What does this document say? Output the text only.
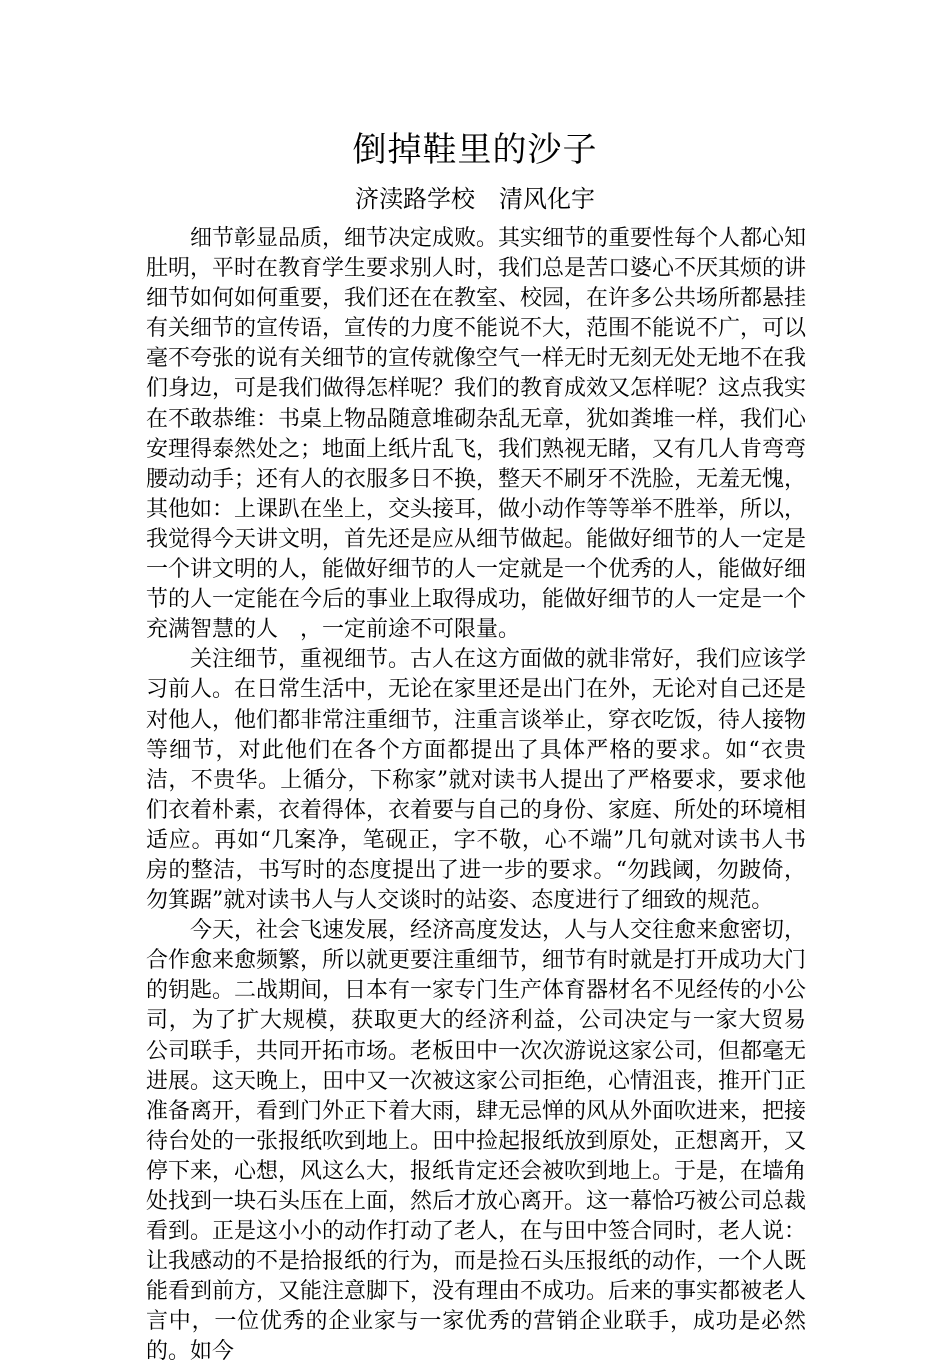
倒掉鞋里的沙子
济渎路学校　清风化宇

细节彰显品质，细节决定成败。其实细节的重要性每个人都心知肚明，平时在教育学生要求别人时，我们总是苦口婆心不厌其烦的讲细节如何如何重要，我们还在在教室、校园，在许多公共场所都悬挂有关细节的宣传语，宣传的力度不能说不大，范围不能说不广，可以毫不夸张的说有关细节的宣传就像空气一样无时无刻无处无地不在我们身边，可是我们做得怎样呢？我们的教育成效又怎样呢？这点我实在不敢恭维：书桌上物品随意堆砌杂乱无章，犹如粪堆一样，我们心安理得泰然处之；地面上纸片乱飞，我们熟视无睹，又有几人肯弯弯腰动动手；还有人的衣服多日不换，整天不刷牙不洗脸，无羞无愧，其他如：上课趴在坐上，交头接耳，做小动作等等举不胜举，所以，我觉得今天讲文明，首先还是应从细节做起。能做好细节的人一定是一个讲文明的人，能做好细节的人一定就是一个优秀的人，能做好细节的人一定能在今后的事业上取得成功，能做好细节的人一定是一个充满智慧的人　，一定前途不可限量。

关注细节，重视细节。古人在这方面做的就非常好，我们应该学习前人。在日常生活中，无论在家里还是出门在外，无论对自己还是对他人，他们都非常注重细节，注重言谈举止，穿衣吃饭，待人接物等细节，对此他们在各个方面都提出了具体严格的要求。如“衣贵洁，不贵华。上循分，下称家”就对读书人提出了严格要求，要求他们衣着朴素，衣着得体，衣着要与自己的身份、家庭、所处的环境相适应。再如“几案净，笔砚正，字不敬，心不端”几句就对读书人书房的整洁，书写时的态度提出了进一步的要求。“勿践阈，勿跛倚，勿箕踞”就对读书人与人交谈时的站姿、态度进行了细致的规范。

今天，社会飞速发展，经济高度发达，人与人交往愈来愈密切，合作愈来愈频繁，所以就更要注重细节，细节有时就是打开成功大门的钥匙。二战期间，日本有一家专门生产体育器材名不见经传的小公司，为了扩大规模，获取更大的经济利益，公司决定与一家大贸易　公司联手，共同开拓市场。老板田中一次次游说这家公司，但都毫无进展。这天晚上，田中又一次被这家公司拒绝，心情沮丧，推开门正准备离开，看到门外正下着大雨，肆无忌惮的风从外面吹进来，把接待台处的一张报纸吹到地上。田中捡起报纸放到原处，正想离开，又停下来，心想，风这么大，报纸肯定还会被吹到地上。于是，在墙角处找到一块石头压在上面，然后才放心离开。这一幕恰巧被公司总裁看到。正是这小小的动作打动了老人，在与田中签合同时，老人说：让我感动的不是拾报纸的行为，而是捡石头压报纸的动作，一个人既能看到前方，又能注意脚下，没有理由不成功。后来的事实都被老人言中，一位优秀的企业家与一家优秀的营销企业联手，成功是必然的。如今
